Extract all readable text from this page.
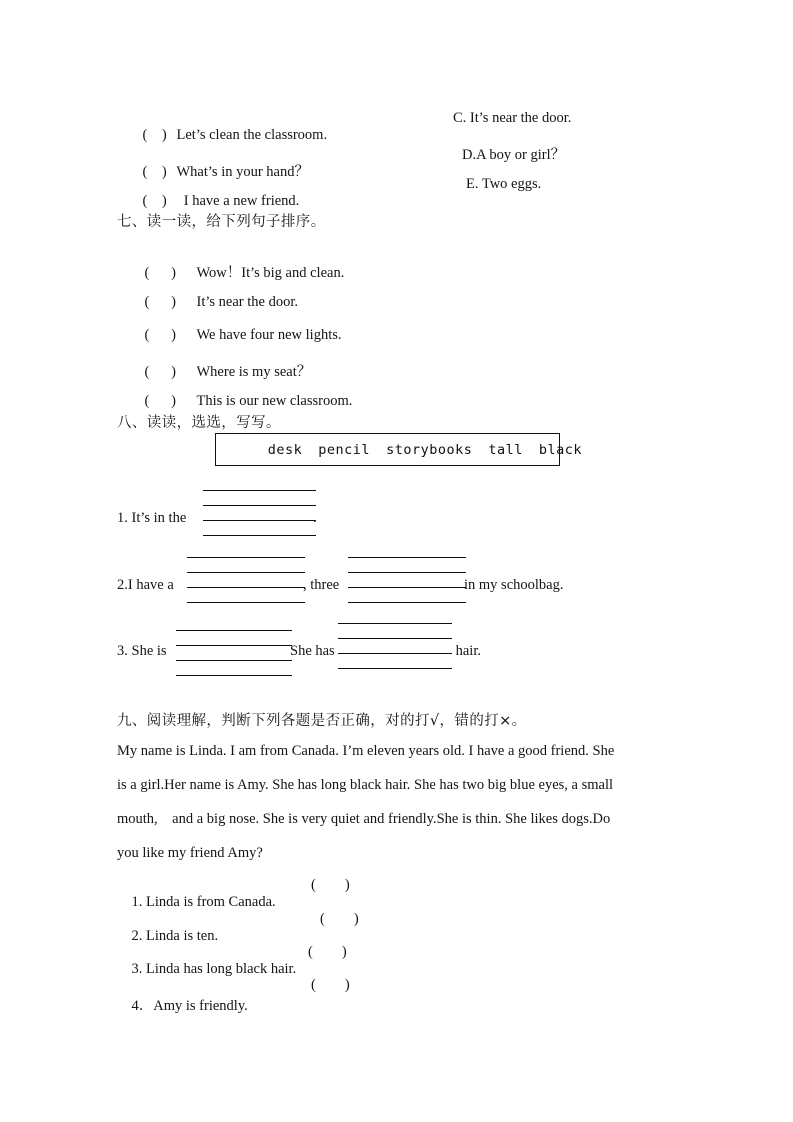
(    ) Let’s clean the classroom.

(    ) What’s in your hand？

(    )  I have a new friend.

C. It’s near the door.
D.A boy or girl？
E. Two eggs.
七、读一读，给下列句子排序。

(      ) Wow！It’s big and clean.

(      ) It’s near the door.

(      ) We have four new lights.

(      ) Where is my seat？

(      ) This is our new classroom.

八、读读，选选，写写。

desk pencil storybooks tall black

1. It’s in the	.
2.I have a	, three	in my schoolbag.
3. She is	She has	hair.
九、阅读理解，判断下列各题是否正确，对的打√，错的打×。
My name is Linda. I am from Canada. I’m eleven years old. I have a good friend. She
is a girl.Her name is Amy. She has long black hair. She has two big blue eyes, a small
mouth,    and a big nose. She is very quiet and friendly.She is thin. She likes dogs.Do
you like my friend Amy?

1. Linda is from Canada.

(        )

2. Linda is ten.

(        )

3. Linda has long black hair.

(        )

4．Amy is friendly.

(        )
